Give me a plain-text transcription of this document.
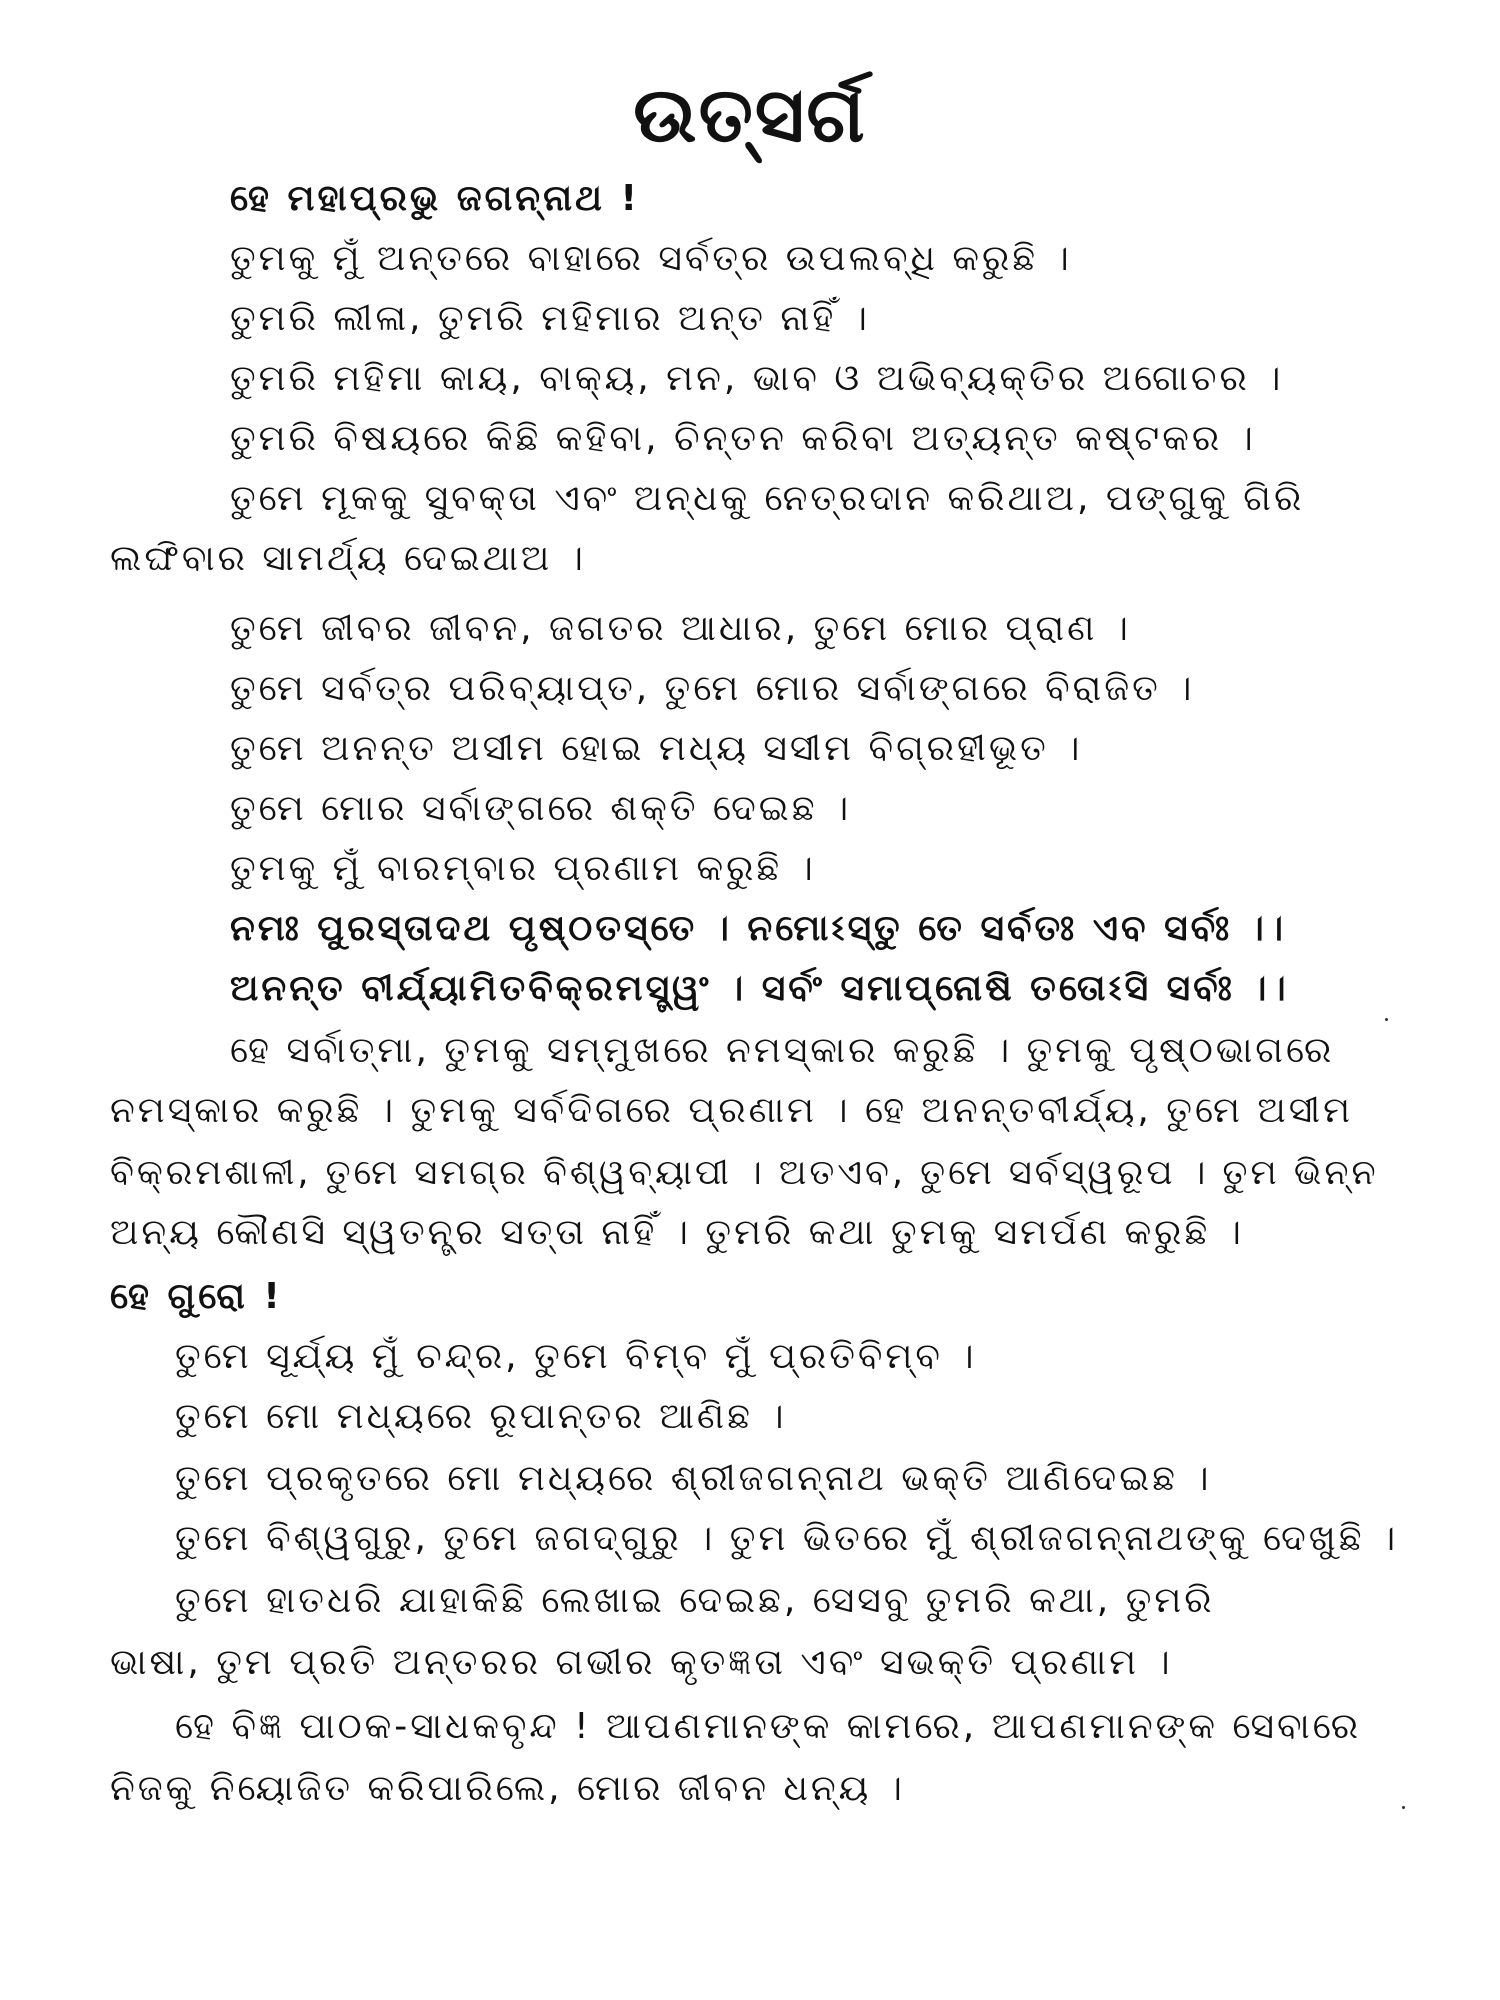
ଉତ୍ସର୍ଗ
ହେ ମହାପ୍ରଭୁ ଜଗନ୍ନାଥ !
ତୁମକୁ ମୁଁ ଅନ୍ତରେ ବାହାରେ ସର୍ବତ୍ର ଉପଲବ୍ଧି କରୁଛି ।
ତୁମରି ଲୀଳା, ତୁମରି ମହିମାର ଅନ୍ତ ନାହିଁ ।
ତୁମରି ମହିମା କାୟ, ବାକ୍ୟ, ମନ, ଭାବ ଓ ଅଭିବ୍ୟକ୍ତିର ଅଗୋଚର ।
ତୁମରି ବିଷୟରେ କିଛି କହିବା, ଚିନ୍ତନ କରିବା ଅତ୍ୟନ୍ତ କଷ୍ଟକର ।
ତୁମେ ମୂକକୁ ସୁବକ୍ତା ଏବଂ ଅନ୍ଧକୁ ନେତ୍ରଦାନ କରିଥାଅ, ପଙ୍ଗୁକୁ ଗିରି
ଲଙ୍ଘିବାର ସାମର୍ଥ୍ୟ ଦେଇଥାଅ ।
ତୁମେ ଜୀବର ଜୀବନ, ଜଗତର ଆଧାର, ତୁମେ ମୋର ପ୍ରାଣ ।
ତୁମେ ସର୍ବତ୍ର ପରିବ୍ୟାପ୍ତ, ତୁମେ ମୋର ସର୍ବାଙ୍ଗରେ ବିରାଜିତ ।
ତୁମେ ଅନନ୍ତ ଅସୀମ ହୋଇ ମଧ୍ୟ ସସୀମ ବିଗ୍ରହୀଭୂତ ।
ତୁମେ ମୋର ସର୍ବାଙ୍ଗରେ ଶକ୍ତି ଦେଇଛ ।
ତୁମକୁ ମୁଁ ବାରମ୍ବାର ପ୍ରଣାମ କରୁଛି ।
ନମଃ ପୁରସ୍ତାଦଥ ପୃଷ୍ଠତସ୍ତେ । ନମୋଽସ୍ତୁ ତେ ସର୍ବତଃ ଏବ ସର୍ବଃ ।।
ଅନନ୍ତ ବୀର୍ଯ୍ୟାମିତବିକ୍ରମସ୍ତ୍ୱଂ । ସର୍ବଂ ସମାପ୍ନୋଷି ତତୋଽସି ସର୍ବଃ ।।
ହେ ସର୍ବାତ୍ମା, ତୁମକୁ ସମ୍ମୁଖରେ ନମସ୍କାର କରୁଛି । ତୁମକୁ ପୃଷ୍ଠଭାଗରେ
ନମସ୍କାର କରୁଛି । ତୁମକୁ ସର୍ବଦିଗରେ ପ୍ରଣାମ । ହେ ଅନନ୍ତବୀର୍ଯ୍ୟ, ତୁମେ ଅସୀମ
ବିକ୍ରମଶାଳୀ, ତୁମେ ସମଗ୍ର ବିଶ୍ୱବ୍ୟାପୀ । ଅତଏବ, ତୁମେ ସର୍ବସ୍ୱରୂପ । ତୁମ ଭିନ୍ନ
ଅନ୍ୟ କୌଣସି ସ୍ୱତନ୍ତ୍ର ସତ୍ତା ନାହିଁ । ତୁମରି କଥା ତୁମକୁ ସମର୍ପଣ କରୁଛି ।
ହେ ଗୁରୋ !
ତୁମେ ସୂର୍ଯ୍ୟ ମୁଁ ଚନ୍ଦ୍ର, ତୁମେ ବିମ୍ବ ମୁଁ ପ୍ରତିବିମ୍ବ ।
ତୁମେ ମୋ ମଧ୍ୟରେ ରୂପାନ୍ତର ଆଣିଛ ।
ତୁମେ ପ୍ରକୃତରେ ମୋ ମଧ୍ୟରେ ଶ୍ରୀଜଗନ୍ନାଥ ଭକ୍ତି ଆଣିଦେଇଛ ।
ତୁମେ ବିଶ୍ୱଗୁରୁ, ତୁମେ ଜଗଦ୍‌ଗୁରୁ । ତୁମ ଭିତରେ ମୁଁ ଶ୍ରୀଜଗନ୍ନାଥଙ୍କୁ ଦେଖୁଛି ।
ତୁମେ ହାତଧରି ଯାହାକିଛି ଲେଖାଇ ଦେଇଛ, ସେସବୁ ତୁମରି କଥା, ତୁମରି
ଭାଷା, ତୁମ ପ୍ରତି ଅନ୍ତରର ଗଭୀର କୃତଜ୍ଞତା ଏବଂ ସଭକ୍ତି ପ୍ରଣାମ ।
ହେ ବିଜ୍ଞ ପାଠକ-ସାଧକବୃନ୍ଦ ! ଆପଣମାନଙ୍କ କାମରେ, ଆପଣମାନଙ୍କ ସେବାରେ
ନିଜକୁ ନିୟୋଜିତ କରିପାରିଲେ, ମୋର ଜୀବନ ଧନ୍ୟ ।
